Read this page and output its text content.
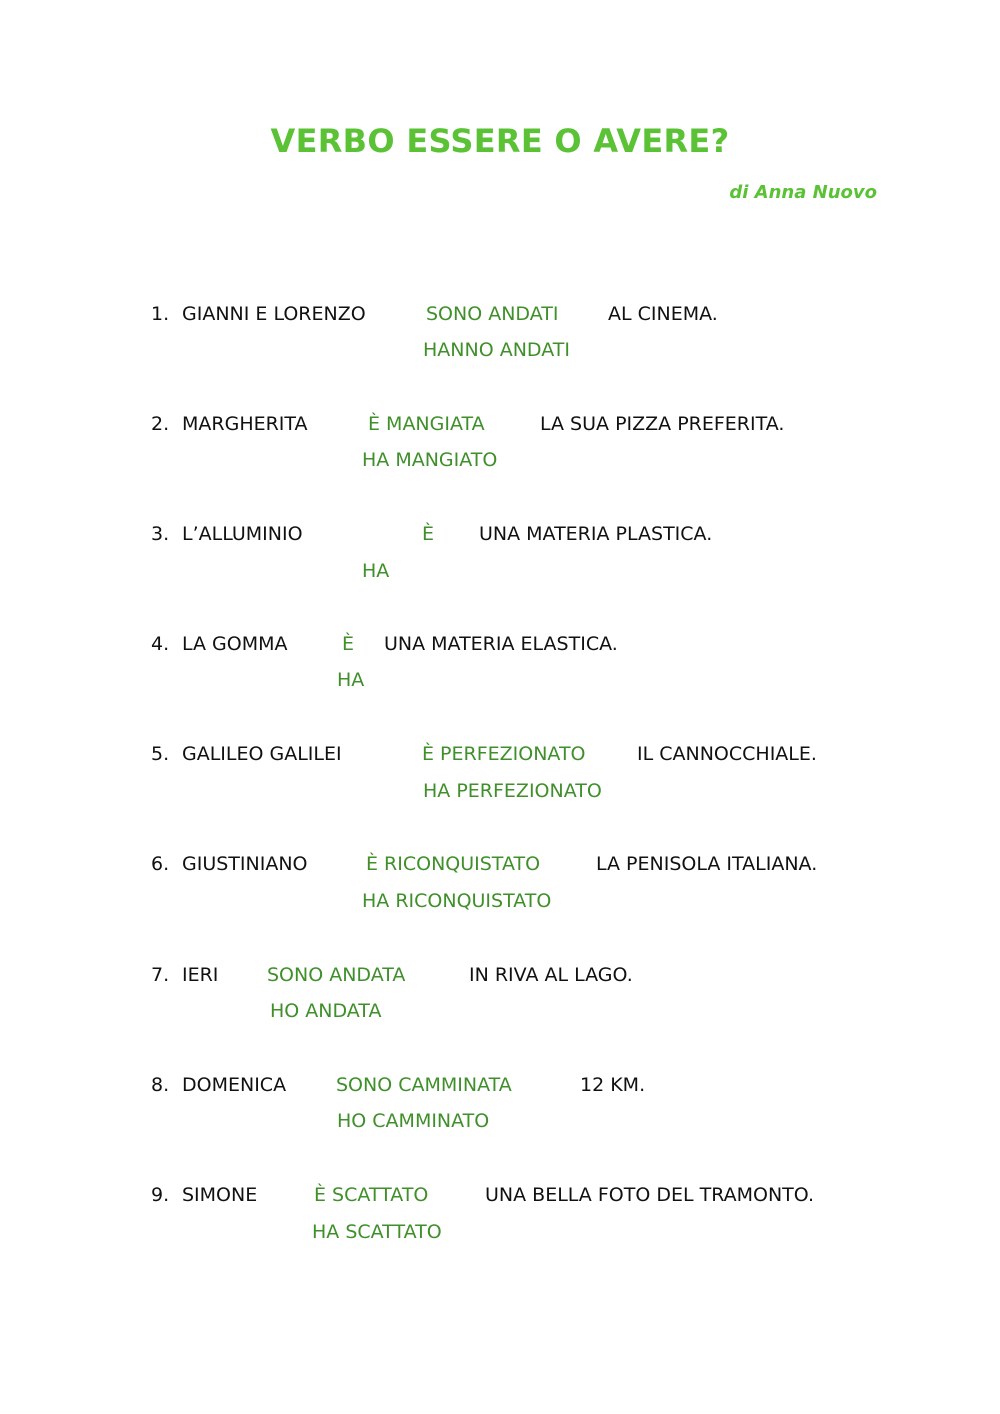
VERBO ESSERE O AVERE?
di Anna Nuovo
1. GIANNI E LORENZO	SONO ANDATI
HANNO ANDATI
AL CINEMA.
2. MARGHERITA	È MANGIATA
HA MANGIATO
LA SUA PIZZA PREFERITA.
3. L’ALLUMINIO	È
HA
UNA MATERIA PLASTICA.
4. LA GOMMA	È
HA
UNA MATERIA ELASTICA.
5. GALILEO GALILEI	È PERFEZIONATO
HA PERFEZIONATO
IL CANNOCCHIALE.
6. GIUSTINIANO	È RICONQUISTATO
HA RICONQUISTATO
LA PENISOLA ITALIANA.
7. IERI	SONO ANDATA
HO ANDATA
IN RIVA AL LAGO.
8. DOMENICA	SONO CAMMINATA
HO CAMMINATO
12 KM.
9. SIMONE	È SCATTATO
HA SCATTATO
UNA BELLA FOTO DEL TRAMONTO.
